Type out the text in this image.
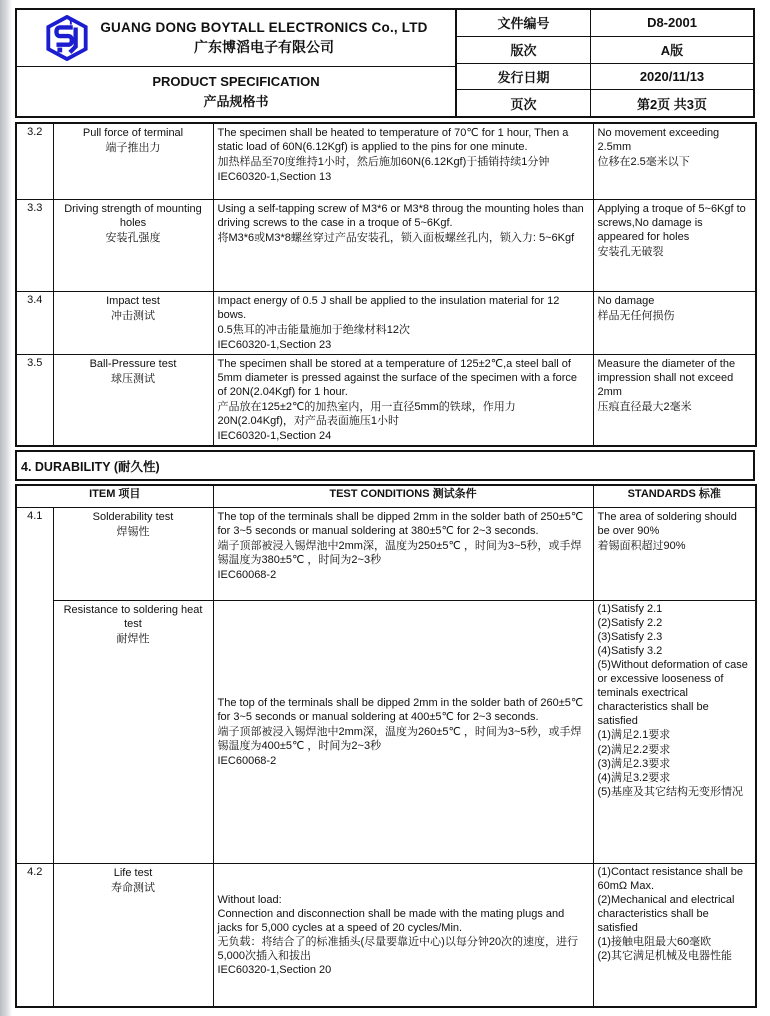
GUANG DONG BOYTALL ELECTRONICS Co., LTD
广东博滔电子有限公司
PRODUCT SPECIFICATION
产品规格书
文件编号	D8-2001
版次	A版
发行日期	2020/11/13
页次	第2页 共3页
3.2	Pull force of terminal
端子推出力

The specimen shall be heated to temperature of 70℃ for 1 hour, Then a static load of 60N(6.12Kgf) is applied to the pins for one minute.
加热样品至70度维持1小时，然后施加60N(6.12Kgf)于插销持续1分钟
IEC60320-1,Section 13

No movement exceeding 2.5mm
位移在2.5毫米以下

3.3	Driving strength of mounting holes
安装孔强度

Using a self-tapping screw of M3*6 or M3*8 throug the mounting holes than driving screws to the case in a troque of 5~6Kgf.
将M3*6或M3*8螺丝穿过产品安装孔，锁入面板螺丝孔内，锁入力: 5~6Kgf

Applying a troque of 5~6Kgf to screws,No damage is appeared for holes
安装孔无破裂

3.4	Impact test
冲击测试

Impact energy of 0.5 J shall be applied to the insulation material for 12 bows.
0.5焦耳的冲击能量施加于绝缘材料12次
IEC60320-1,Section 23

No damage
样品无任何损伤

3.5	Ball-Pressure test
球压测试

The specimen shall be stored at a temperature of 125±2℃,a steel ball of 5mm diameter is pressed against the surface of the specimen with a force of 20N(2.04Kgf) for 1 hour.
产品放在125±2℃的加热室内，用一直径5mm的铁球，作用力 20N(2.04Kgf)，对产品表面施压1小时
IEC60320-1,Section 24

Measure the diameter of the impression shall not exceed 2mm
压痕直径最大2毫米
4. DURABILITY (耐久性)
ITEM 项目		TEST CONDITIONS 测试条件	STANDARDS 标准
4.1	Solderability test
焊锡性

The top of the terminals shall be dipped 2mm in the solder bath of 250±5℃ for 3~5 seconds or manual soldering at 380±5℃ for 2~3 seconds.
端子顶部被浸入锡焊池中2mm深，温度为250±5℃ ，时间为3~5秒，或手焊锡温度为380±5℃ ，时间为2~3秒
IEC60068-2

The area of soldering should be over 90%
着锡面积超过90%

Resistance to soldering heat test
耐焊性

The top of the terminals shall be dipped 2mm in the solder bath of 260±5℃ for 3~5 seconds or manual soldering at 400±5℃ for 2~3 seconds.
端子顶部被浸入锡焊池中2mm深，温度为260±5℃ ，时间为3~5秒，或手焊锡温度为400±5℃ ，时间为2~3秒
IEC60068-2

(1)Satisfy 2.1
(2)Satisfy 2.2
(3)Satisfy 2.3
(4)Satisfy 3.2
(5)Without deformation of case or excessive looseness of teminals exectrical characteristics shall be satisfied
(1)满足2.1要求
(2)满足2.2要求
(3)满足2.3要求
(4)满足3.2要求
(5)基座及其它结构无变形情况

4.2	Life test
寿命测试

Without load:
Connection and disconnection shall be made with the mating plugs and jacks for 5,000 cycles at a speed of 20 cycles/Min.
无负载：将结合了的标准插头(尽量要靠近中心)以每分钟20次的速度，进行5,000次插入和拔出
IEC60320-1,Section 20

(1)Contact resistance shall be 60mΩ Max.
(2)Mechanical and electrical characteristics shall be satisfied
(1)接触电阻最大60毫欧
(2)其它满足机械及电器性能
